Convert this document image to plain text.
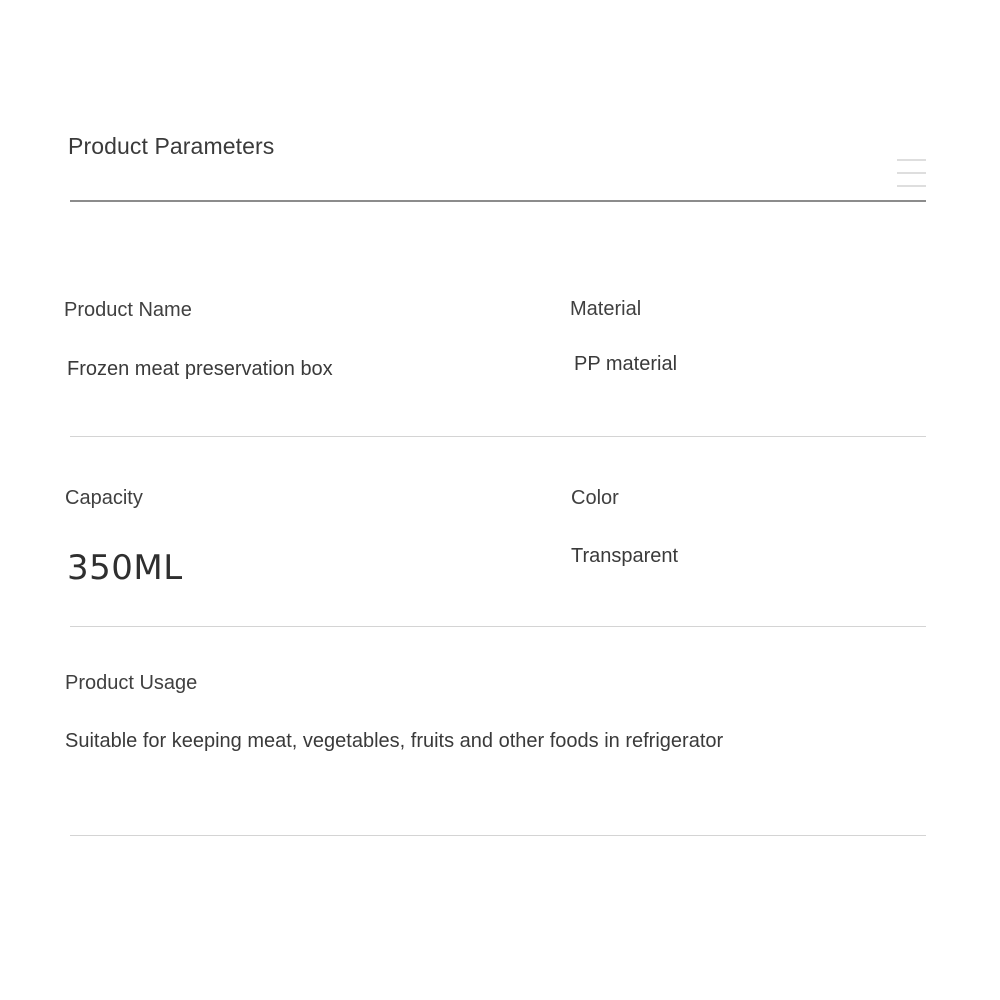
Product Parameters
Product Name
Frozen meat preservation box
Material
PP material
Capacity
350ML
Color
Transparent
Product Usage
Suitable for keeping meat, vegetables, fruits and other foods in refrigerator
